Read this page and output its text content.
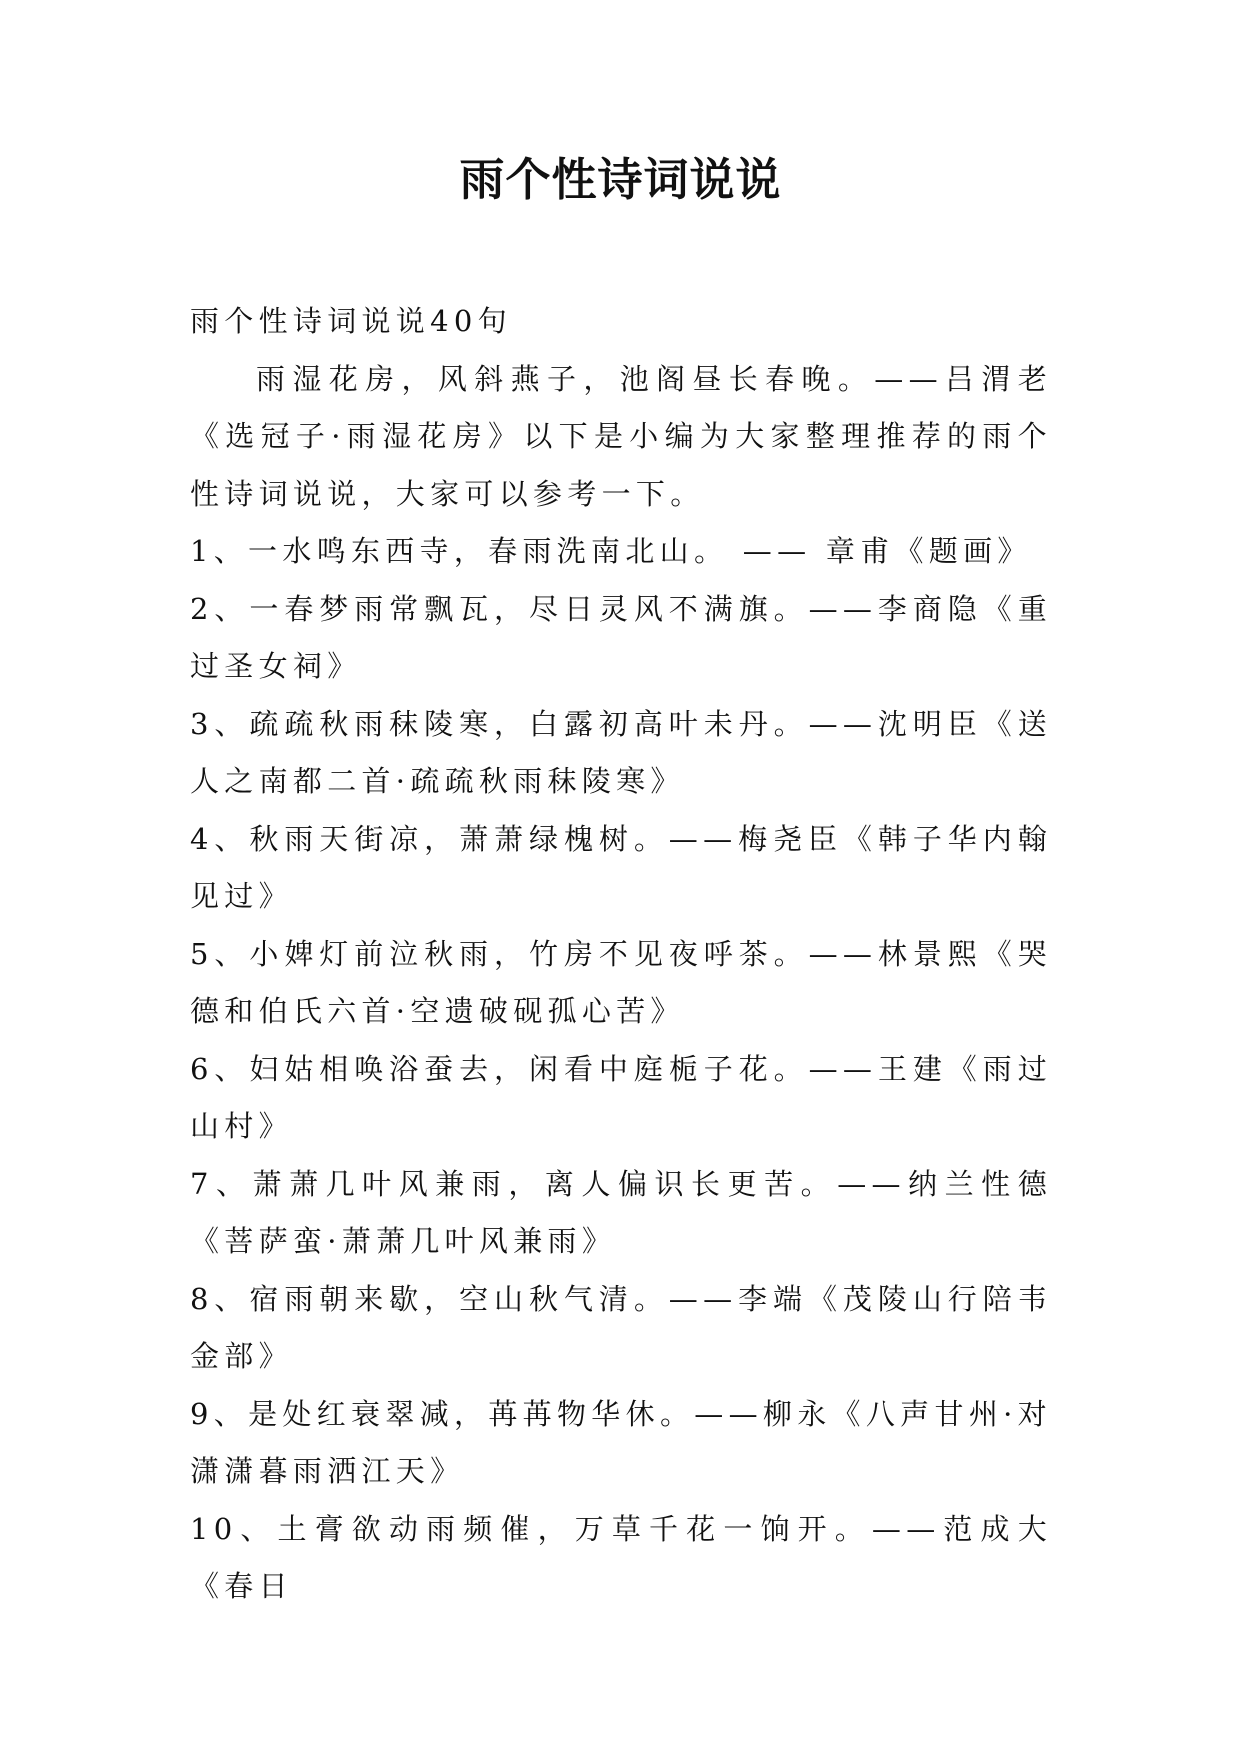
雨个性诗词说说

雨个性诗词说说40句

雨湿花房，风斜燕子，池阁昼长春晚。——吕渭老《选冠子·雨湿花房》以下是小编为大家整理推荐的雨个性诗词说说，大家可以参考一下。

1、一水鸣东西寺，春雨洗南北山。 —— 章甫《题画》

2、一春梦雨常飘瓦，尽日灵风不满旗。——李商隐《重过圣女祠》

3、疏疏秋雨秣陵寒，白露初高叶未丹。——沈明臣《送人之南都二首·疏疏秋雨秣陵寒》

4、秋雨天街凉，萧萧绿槐树。——梅尧臣《韩子华内翰见过》

5、小婢灯前泣秋雨，竹房不见夜呼茶。——林景熙《哭德和伯氏六首·空遗破砚孤心苦》

6、妇姑相唤浴蚕去，闲看中庭栀子花。——王建《雨过山村》

7、萧萧几叶风兼雨，离人偏识长更苦。——纳兰性德《菩萨蛮·萧萧几叶风兼雨》

8、宿雨朝来歇，空山秋气清。——李端《茂陵山行陪韦金部》

9、是处红衰翠减，苒苒物华休。——柳永《八声甘州·对潇潇暮雨洒江天》

10、土膏欲动雨频催，万草千花一饷开。——范成大《春日
